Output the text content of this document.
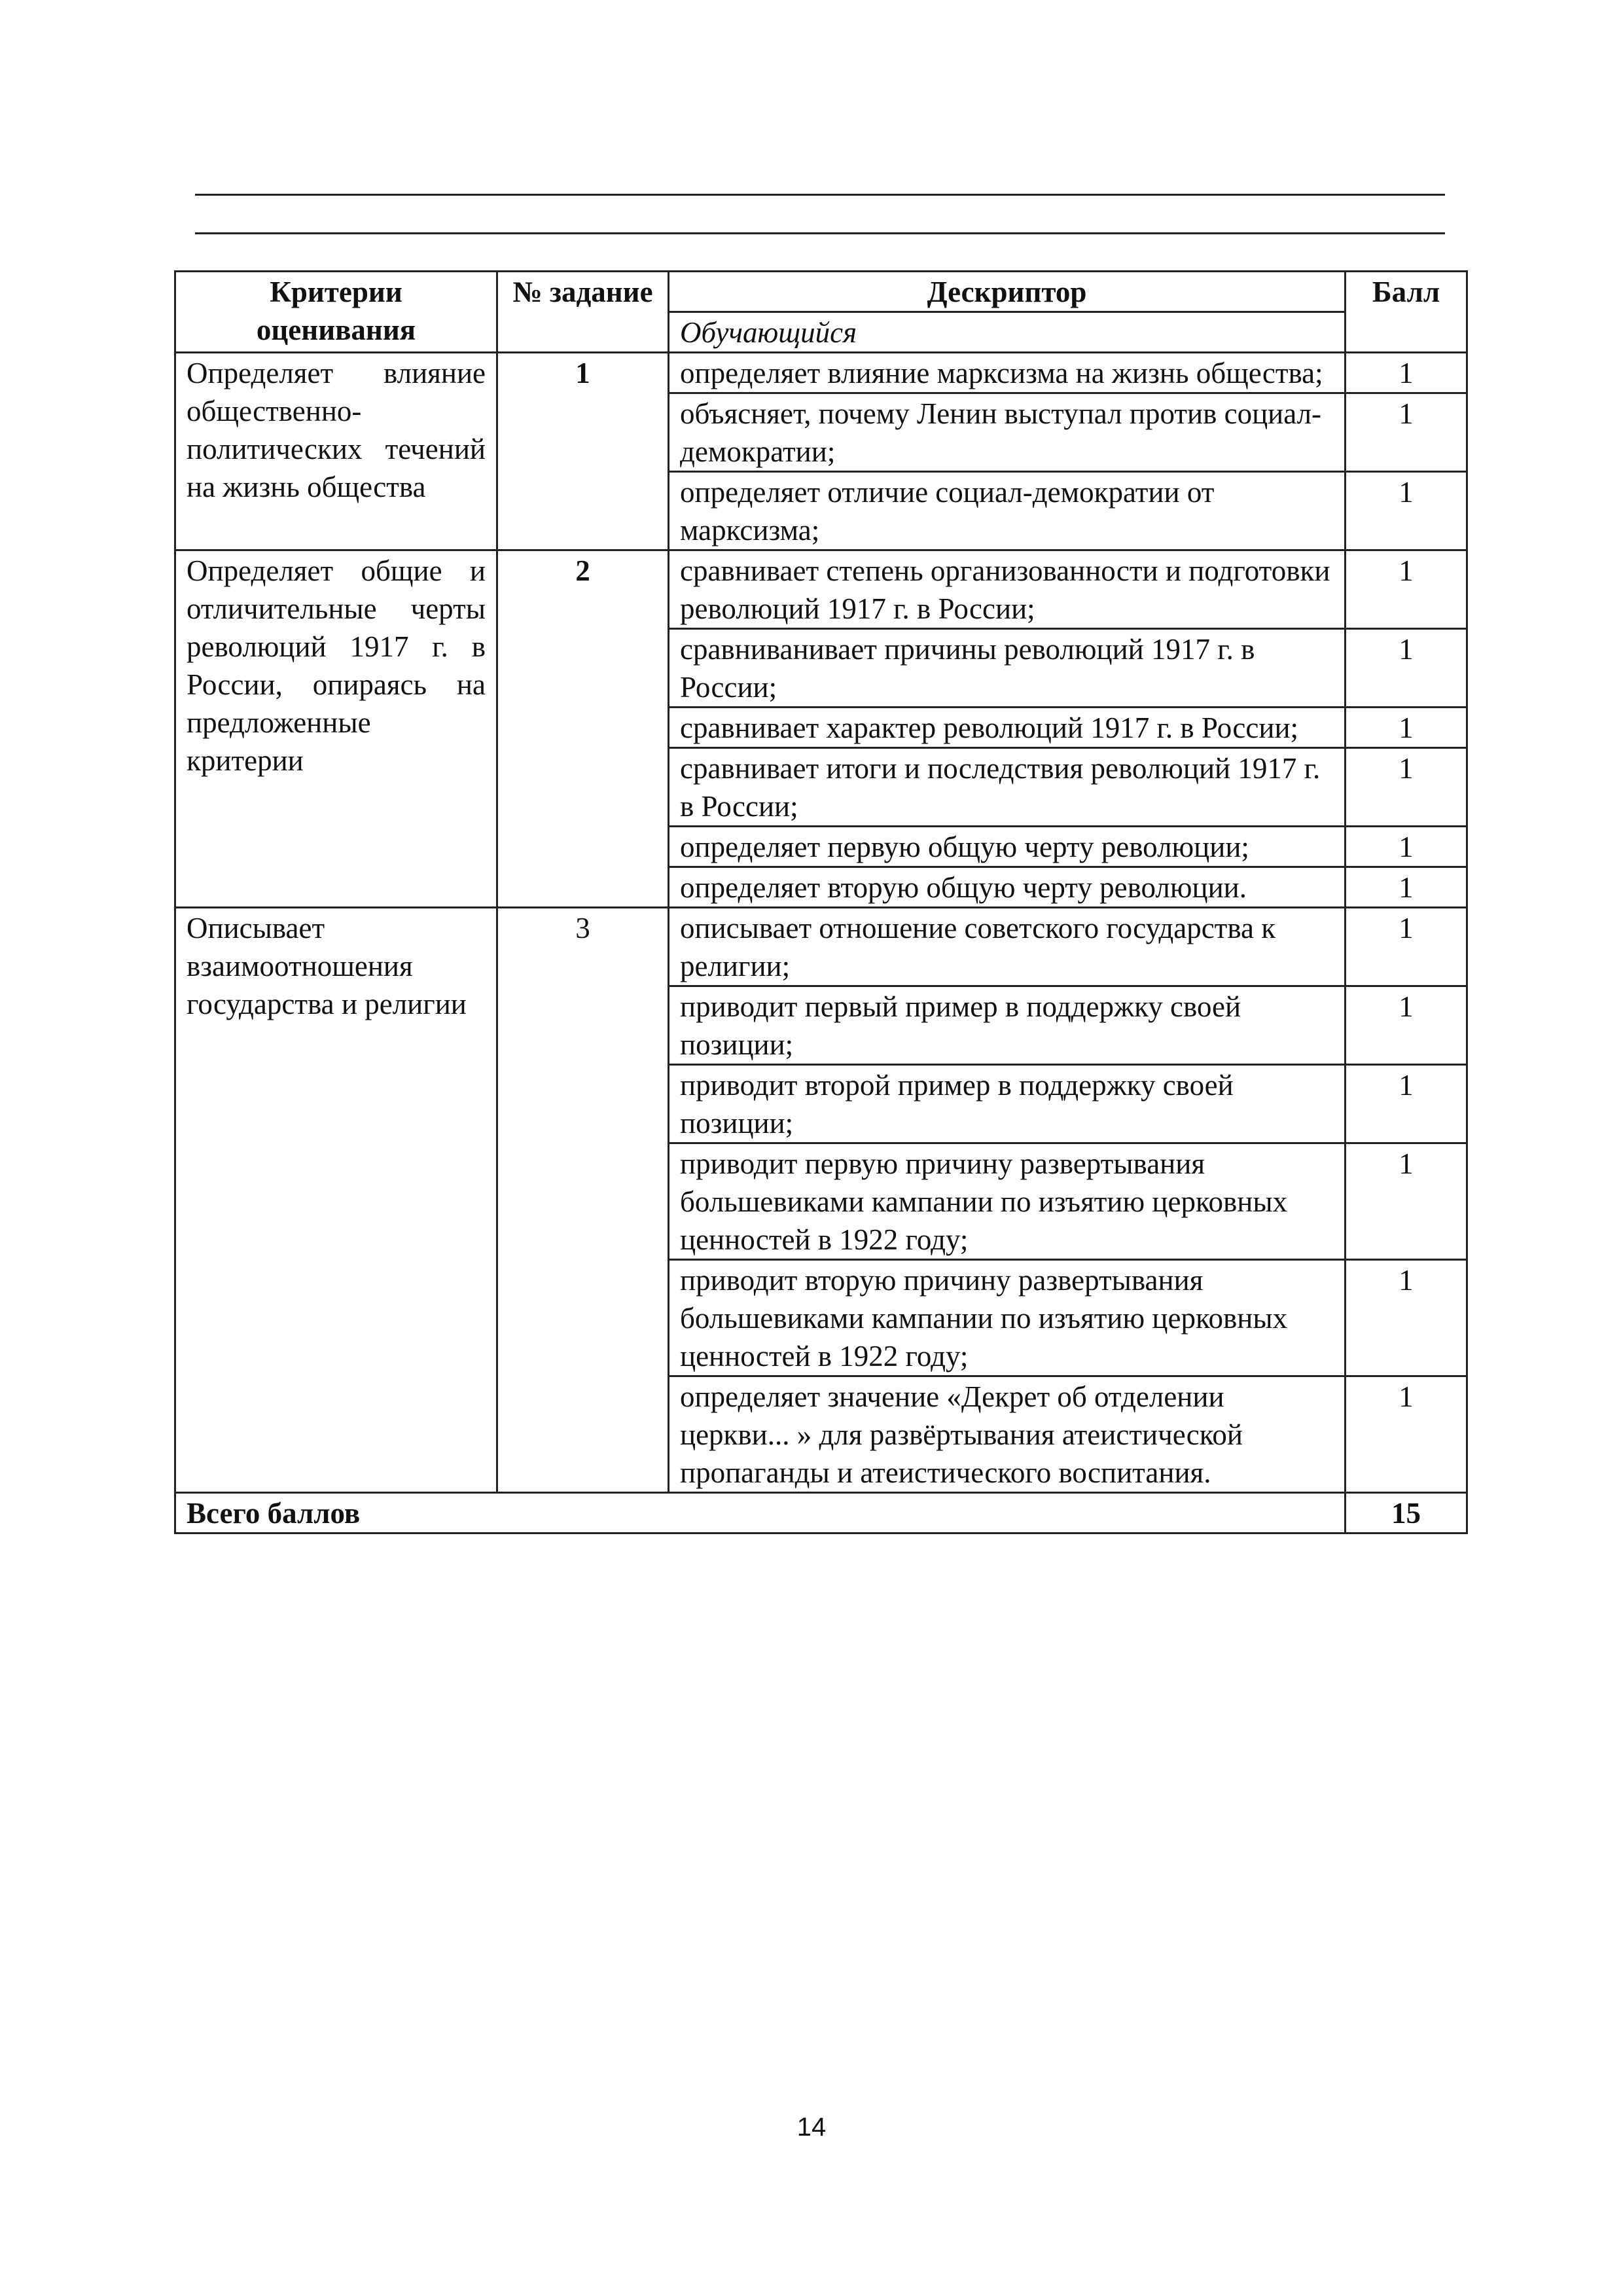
Критерии оценивания	№ задание	Дескриптор	Балл
		Обучающийся	
Определяет влияние общественно-политических течений на жизнь общества	1	определяет влияние марксизма на жизнь общества;	1
		объясняет, почему Ленин выступал против социал-демократии;	1
		определяет отличие социал-демократии от марксизма;	1
Определяет общие и отличительные черты революций 1917 г. в России, опираясь на предложенные критерии	2	сравнивает степень организованности и подготовки революций 1917 г. в России;	1
		сравниванивает причины революций 1917 г. в России;	1
		сравнивает характер революций 1917 г. в России;	1
		сравнивает итоги и последствия революций 1917 г. в России;	1
		определяет первую общую черту революции;	1
		определяет вторую общую черту революции.	1
Описывает взаимоотношения государства и религии	3	описывает отношение советского государства к религии;	1
		приводит первый пример в поддержку своей позиции;	1
		приводит второй пример в поддержку своей позиции;	1
		приводит первую причину развертывания большевиками кампании по изъятию церковных ценностей в 1922 году;	1
		приводит вторую причину развертывания большевиками кампании по изъятию церковных ценностей в 1922 году;	1
		определяет значение «Декрет об отделении церкви... » для развёртывания атеистической пропаганды и атеистического воспитания.	1
Всего баллов			15
14
